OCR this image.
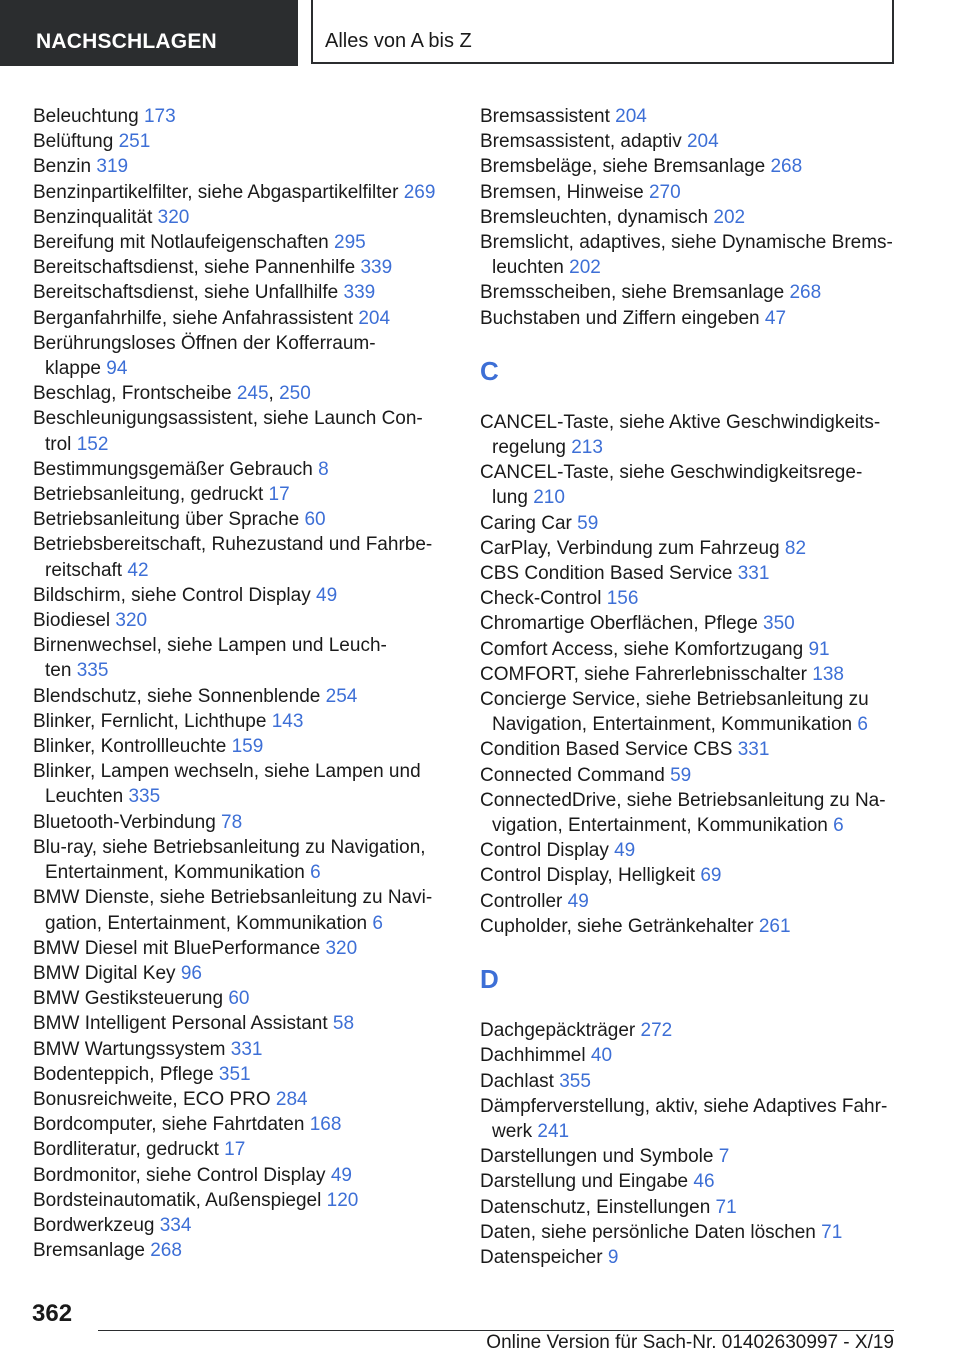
NACHSCHLAGEN	Alles von A bis Z
Beleuchtung 173
Belüftung 251
Benzin 319
Benzinpartikelfilter, siehe Abgaspartikelfilter 269
Benzinqualität 320
Bereifung mit Notlaufeigenschaften 295
Bereitschaftsdienst, siehe Pannenhilfe 339
Bereitschaftsdienst, siehe Unfallhilfe 339
Berganfahrhilfe, siehe Anfahrassistent 204
Berührungsloses Öffnen der Kofferraum-
klappe 94
Beschlag, Frontscheibe 245, 250
Beschleunigungsassistent, siehe Launch Con-
trol 152
Bestimmungsgemäßer Gebrauch 8
Betriebsanleitung, gedruckt 17
Betriebsanleitung über Sprache 60
Betriebsbereitschaft, Ruhezustand und Fahrbe-
reitschaft 42
Bildschirm, siehe Control Display 49
Biodiesel 320
Birnenwechsel, siehe Lampen und Leuch-
ten 335
Blendschutz, siehe Sonnenblende 254
Blinker, Fernlicht, Lichthupe 143
Blinker, Kontrollleuchte 159
Blinker, Lampen wechseln, siehe Lampen und
Leuchten 335
Bluetooth-Verbindung 78
Blu-ray, siehe Betriebsanleitung zu Navigation,
Entertainment, Kommunikation 6
BMW Dienste, siehe Betriebsanleitung zu Navi-
gation, Entertainment, Kommunikation 6
BMW Diesel mit BluePerformance 320
BMW Digital Key 96
BMW Gestiksteuerung 60
BMW Intelligent Personal Assistant 58
BMW Wartungssystem 331
Bodenteppich, Pflege 351
Bonusreichweite, ECO PRO 284
Bordcomputer, siehe Fahrtdaten 168
Bordliteratur, gedruckt 17
Bordmonitor, siehe Control Display 49
Bordsteinautomatik, Außenspiegel 120
Bordwerkzeug 334
Bremsanlage 268
Bremsassistent 204
Bremsassistent, adaptiv 204
Bremsbeläge, siehe Bremsanlage 268
Bremsen, Hinweise 270
Bremsleuchten, dynamisch 202
Bremslicht, adaptives, siehe Dynamische Brems-
leuchten 202
Bremsscheiben, siehe Bremsanlage 268
Buchstaben und Ziffern eingeben 47
C
CANCEL-Taste, siehe Aktive Geschwindigkeits-
regelung 213
CANCEL-Taste, siehe Geschwindigkeitsrege-
lung 210
Caring Car 59
CarPlay, Verbindung zum Fahrzeug 82
CBS Condition Based Service 331
Check-Control 156
Chromartige Oberflächen, Pflege 350
Comfort Access, siehe Komfortzugang 91
COMFORT, siehe Fahrerlebnisschalter 138
Concierge Service, siehe Betriebsanleitung zu
Navigation, Entertainment, Kommunikation 6
Condition Based Service CBS 331
Connected Command 59
ConnectedDrive, siehe Betriebsanleitung zu Na-
vigation, Entertainment, Kommunikation 6
Control Display 49
Control Display, Helligkeit 69
Controller 49
Cupholder, siehe Getränkehalter 261
D
Dachgepäckträger 272
Dachhimmel 40
Dachlast 355
Dämpferverstellung, aktiv, siehe Adaptives Fahr-
werk 241
Darstellungen und Symbole 7
Darstellung und Eingabe 46
Datenschutz, Einstellungen 71
Daten, siehe persönliche Daten löschen 71
Datenspeicher 9
362
Online Version für Sach-Nr. 01402630997 - X/19
